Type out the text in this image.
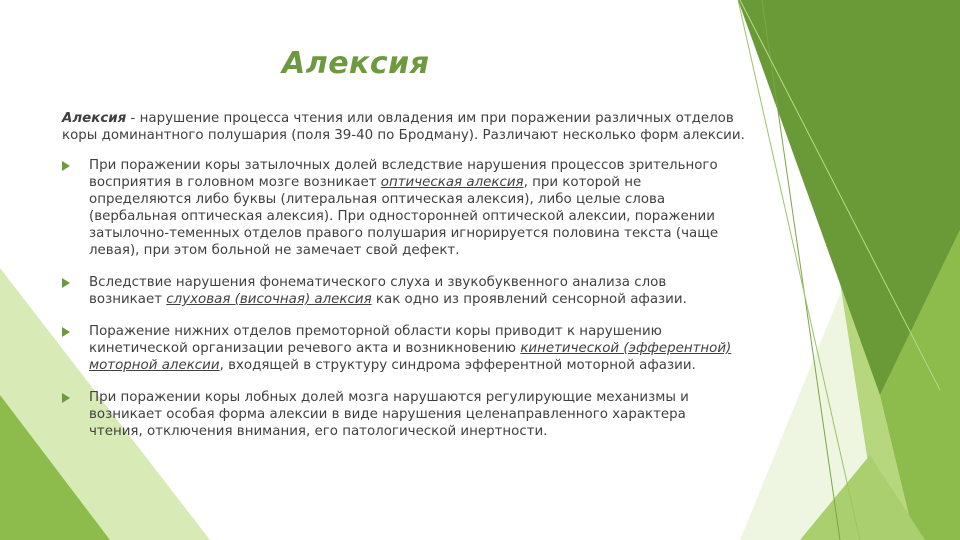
Алексия

Алексия - нарушение процесса чтения или овладения им при поражении различных отделов коры доминантного полушария (поля 39-40 по Бродману). Различают несколько форм алексии.

При поражении коры затылочных долей вследствие нарушения процессов зрительного восприятия в головном мозге возникает оптическая алексия, при которой не определяются либо буквы (литеральная оптическая алексия), либо целые слова (вербальная оптическая алексия). При односторонней оптической алексии, поражении затылочно-теменных отделов правого полушария игнорируется половина текста (чаще левая), при этом больной не замечает свой дефект.
Вследствие нарушения фонематического слуха и звукобуквенного анализа слов возникает слуховая (височная) алексия как одно из проявлений сенсорной афазии.
Поражение нижних отделов премоторной области коры приводит к нарушению кинетической организации речевого акта и возникновению кинетической (эфферентной) моторной алексии, входящей в структуру синдрома эфферентной моторной афазии.
При поражении коры лобных долей мозга нарушаются регулирующие механизмы и возникает особая форма алексии в виде нарушения целенаправленного характера чтения, отключения внимания, его патологической инертности.
